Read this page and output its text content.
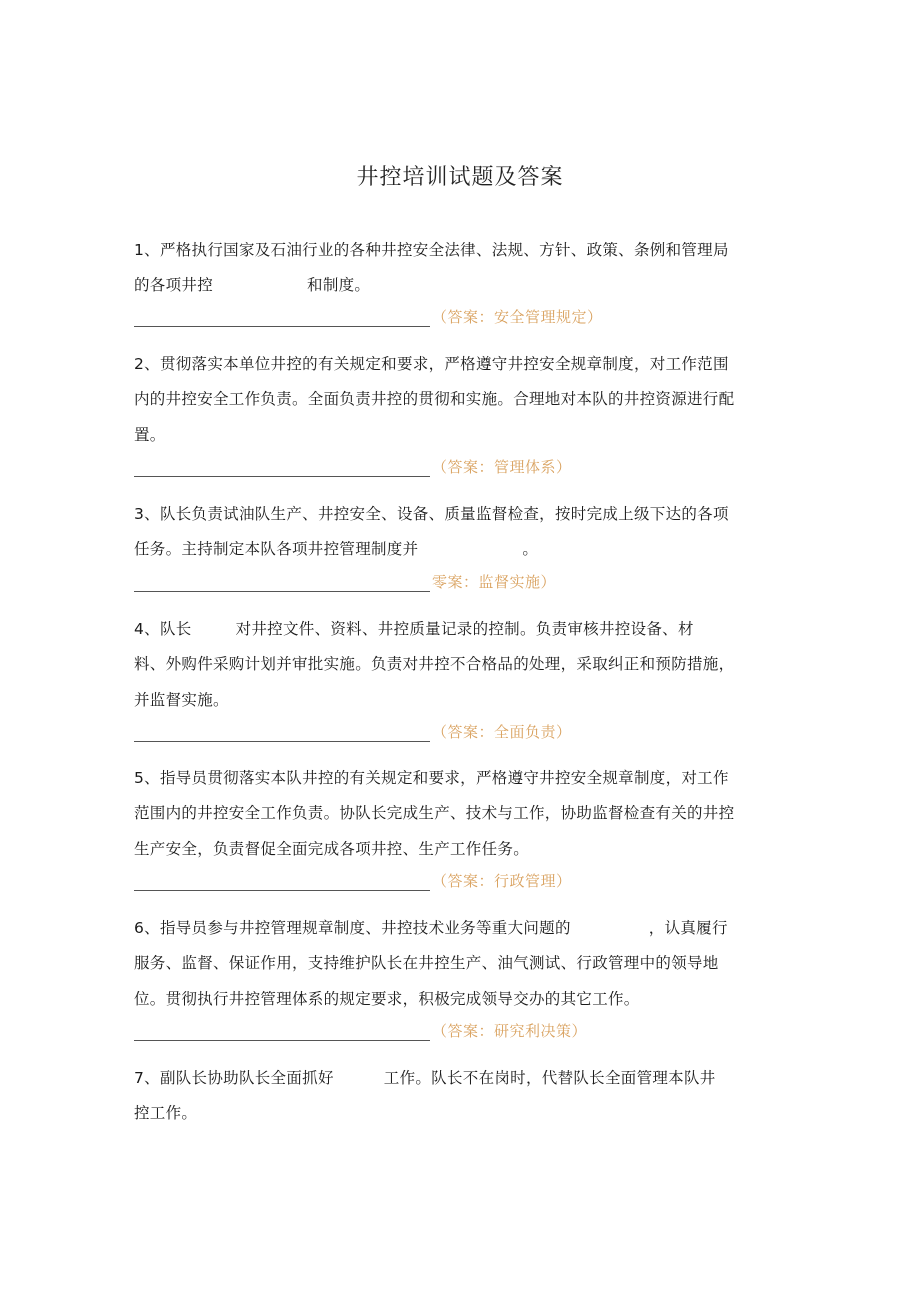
井控培训试题及答案
1、严格执行国家及石油行业的各种井控安全法律、法规、方针、政策、条例和管理局
的各项井控	和制度。
（答案：安全管理规定）
2、贯彻落实本单位井控的有关规定和要求，严格遵守井控安全规章制度，对工作范围
内的井控安全工作负责。全面负责井控的贯彻和实施。合理地对本队的井控资源进行配
置。
（答案：管理体系）
3、队长负责试油队生产、井控安全、设备、质量监督检查，按时完成上级下达的各项
任务。主持制定本队各项井控管理制度并	。
零案：监督实施）
4、队长	对井控文件、资料、井控质量记录的控制。负责审核井控设备、材
料、外购件采购计划并审批实施。负责对井控不合格品的处理，采取纠正和预防措施，
并监督实施。
（答案：全面负责）
5、指导员贯彻落实本队井控的有关规定和要求，严格遵守井控安全规章制度，对工作
范围内的井控安全工作负责。协队长完成生产、技术与工作，协助监督检查有关的井控
生产安全，负责督促全面完成各项井控、生产工作任务。
（答案：行政管理）
6、指导员参与井控管理规章制度、井控技术业务等重大问题的	，认真履行
服务、监督、保证作用，支持维护队长在井控生产、油气测试、行政管理中的领导地
位。贯彻执行井控管理体系的规定要求，积极完成领导交办的其它工作。
（答案：研究利决策）
7、副队长协助队长全面抓好	工作。队长不在岗时，代替队长全面管理本队井
控工作。
